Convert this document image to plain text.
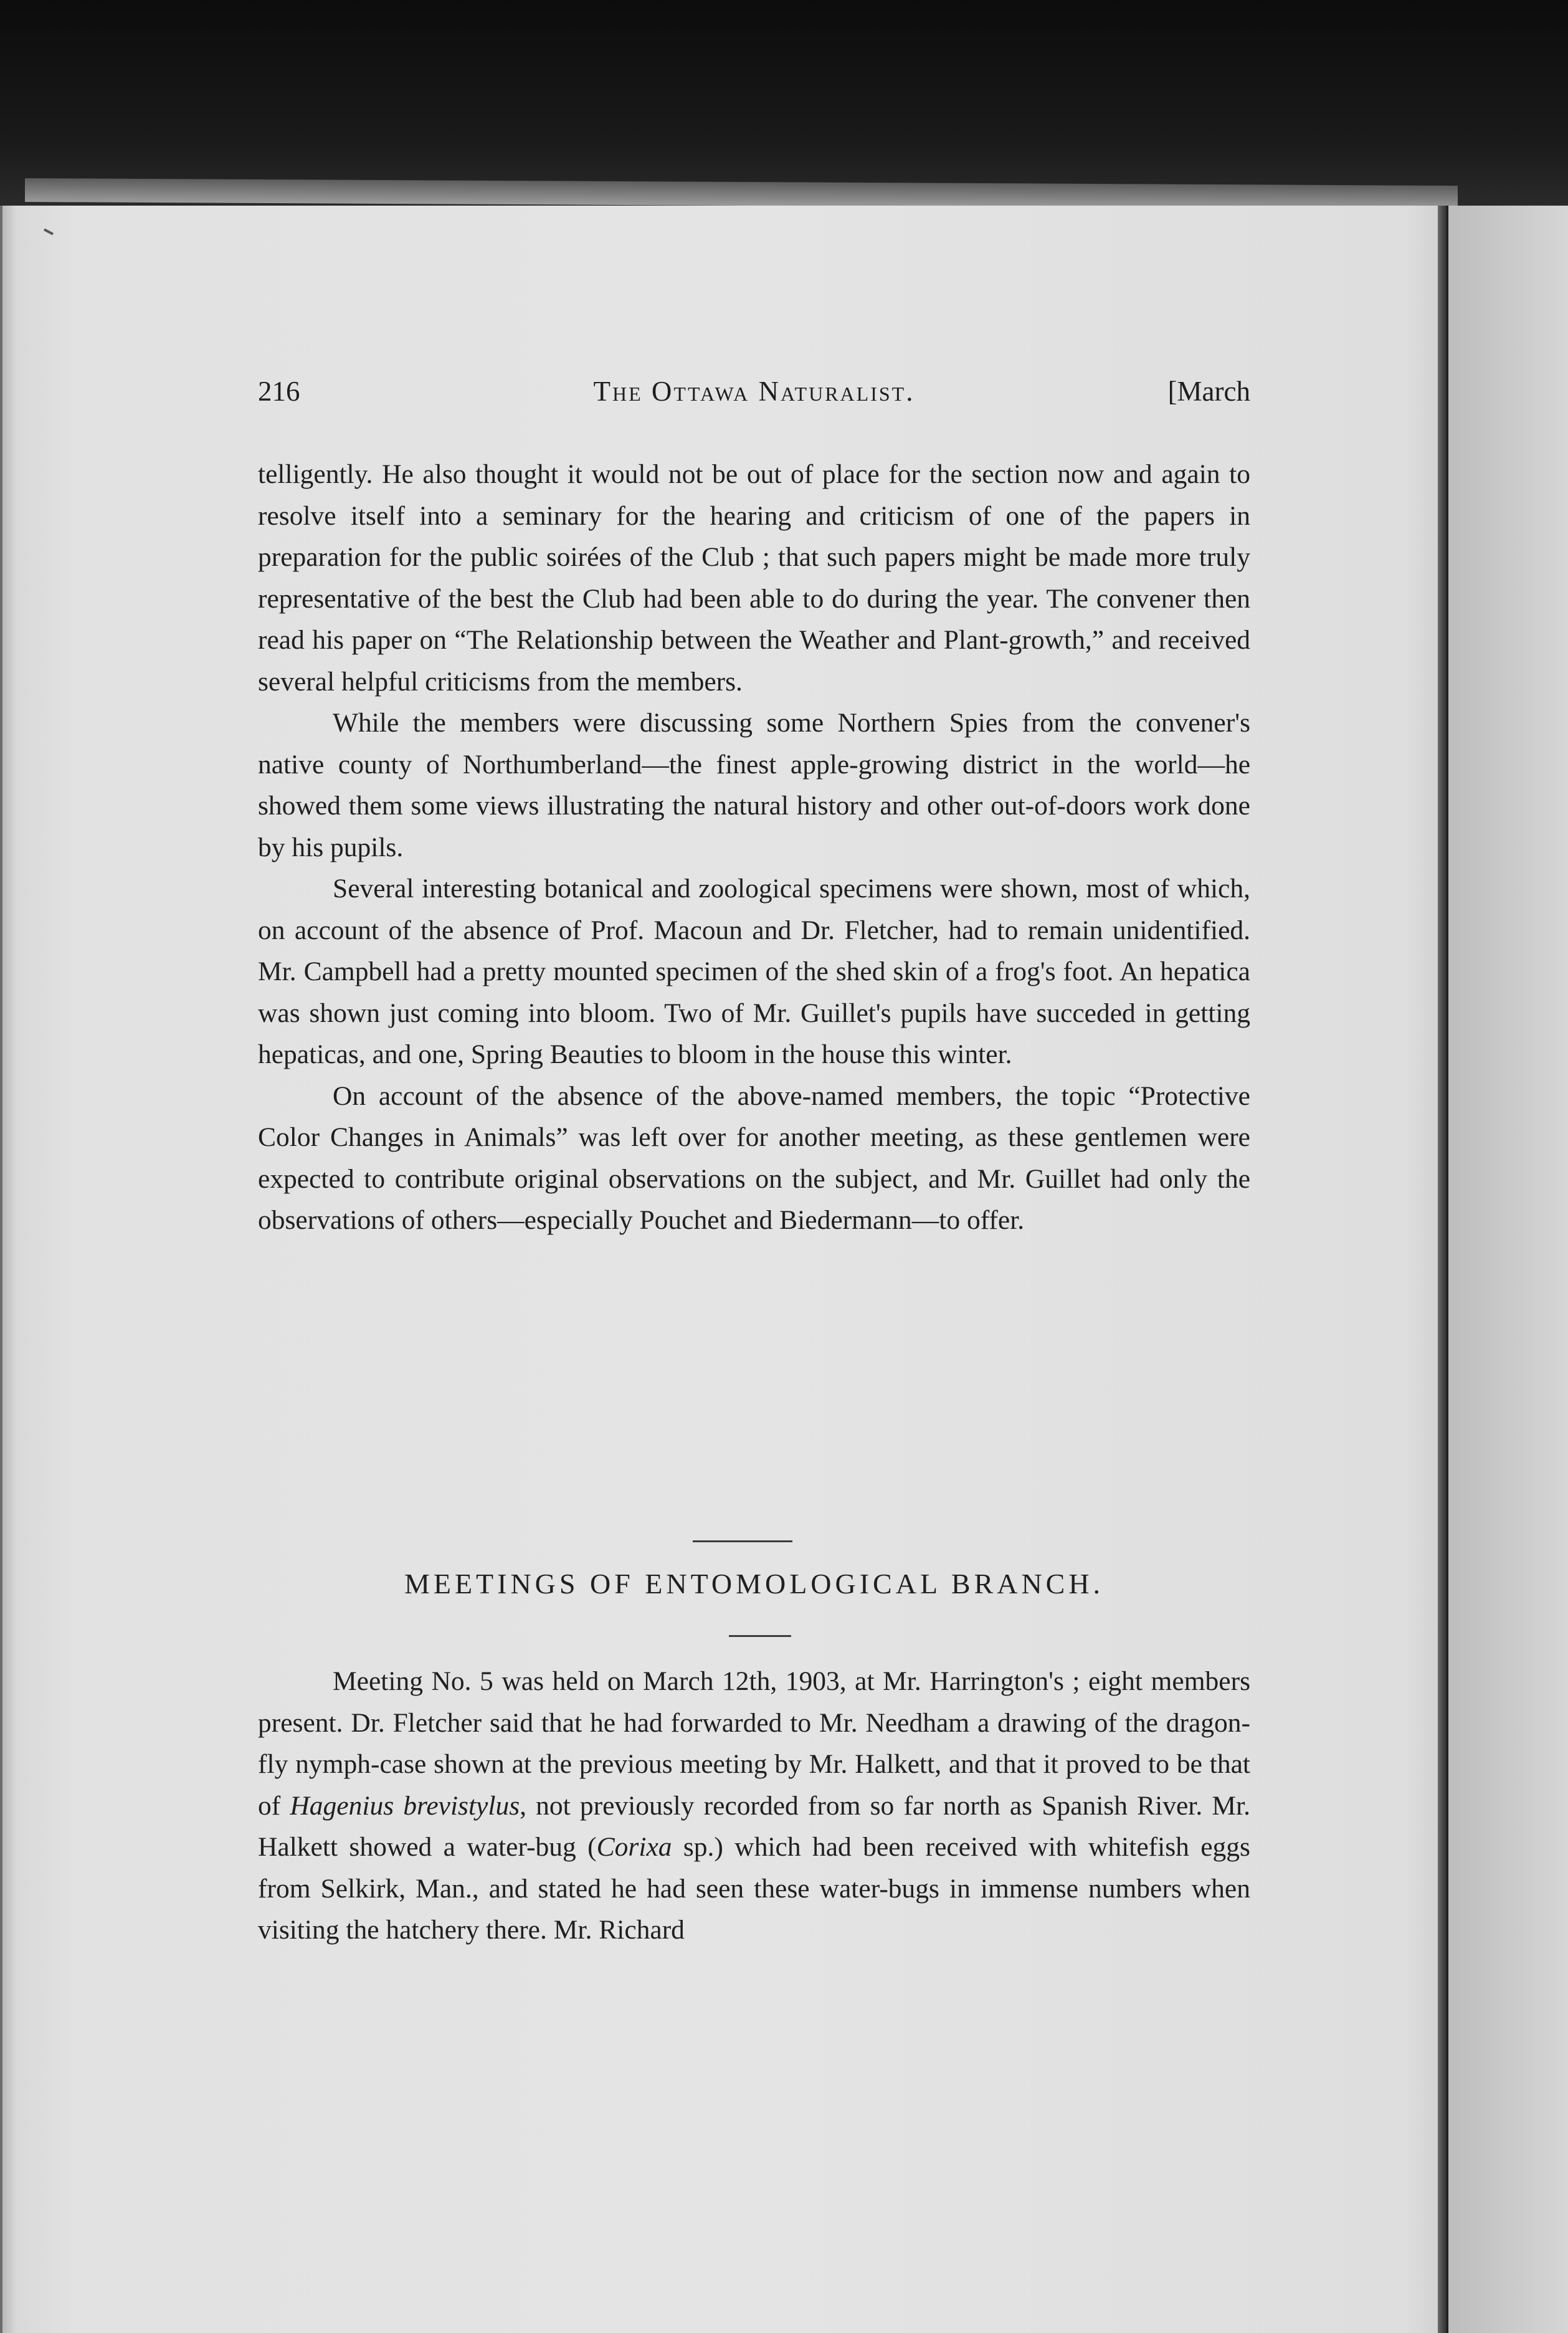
216	The Ottawa Naturalist.	[March

telligently. He also thought it would not be out of place for the section now and again to resolve itself into a seminary for the hearing and criticism of one of the papers in preparation for the public soirées of the Club ; that such papers might be made more truly representative of the best the Club had been able to do during the year. The convener then read his paper on “The Relationship between the Weather and Plant-growth,” and received several helpful criticisms from the members.

While the members were discussing some Northern Spies from the convener's native county of Northumberland—the finest apple-growing district in the world—he showed them some views illustrating the natural history and other out-of-doors work done by his pupils.

Several interesting botanical and zoological specimens were shown, most of which, on account of the absence of Prof. Macoun and Dr. Fletcher, had to remain unidentified. Mr. Campbell had a pretty mounted specimen of the shed skin of a frog's foot. An hepatica was shown just coming into bloom. Two of Mr. Guillet's pupils have succeded in getting hepaticas, and one, Spring Beauties to bloom in the house this winter.

On account of the absence of the above-named members, the topic “Protective Color Changes in Animals” was left over for another meeting, as these gentlemen were expected to contribute original observations on the subject, and Mr. Guillet had only the observations of others—especially Pouchet and Biedermann—to offer.

MEETINGS OF ENTOMOLOGICAL BRANCH.

Meeting No. 5 was held on March 12th, 1903, at Mr. Harrington's ; eight members present. Dr. Fletcher said that he had forwarded to Mr. Needham a drawing of the dragon-fly nymph-case shown at the previous meeting by Mr. Halkett, and that it proved to be that of Hagenius brevistylus, not previously recorded from so far north as Spanish River. Mr. Halkett showed a water-bug (Corixa sp.) which had been received with whitefish eggs from Selkirk, Man., and stated he had seen these water-bugs in immense numbers when visiting the hatchery there. Mr. Richard
